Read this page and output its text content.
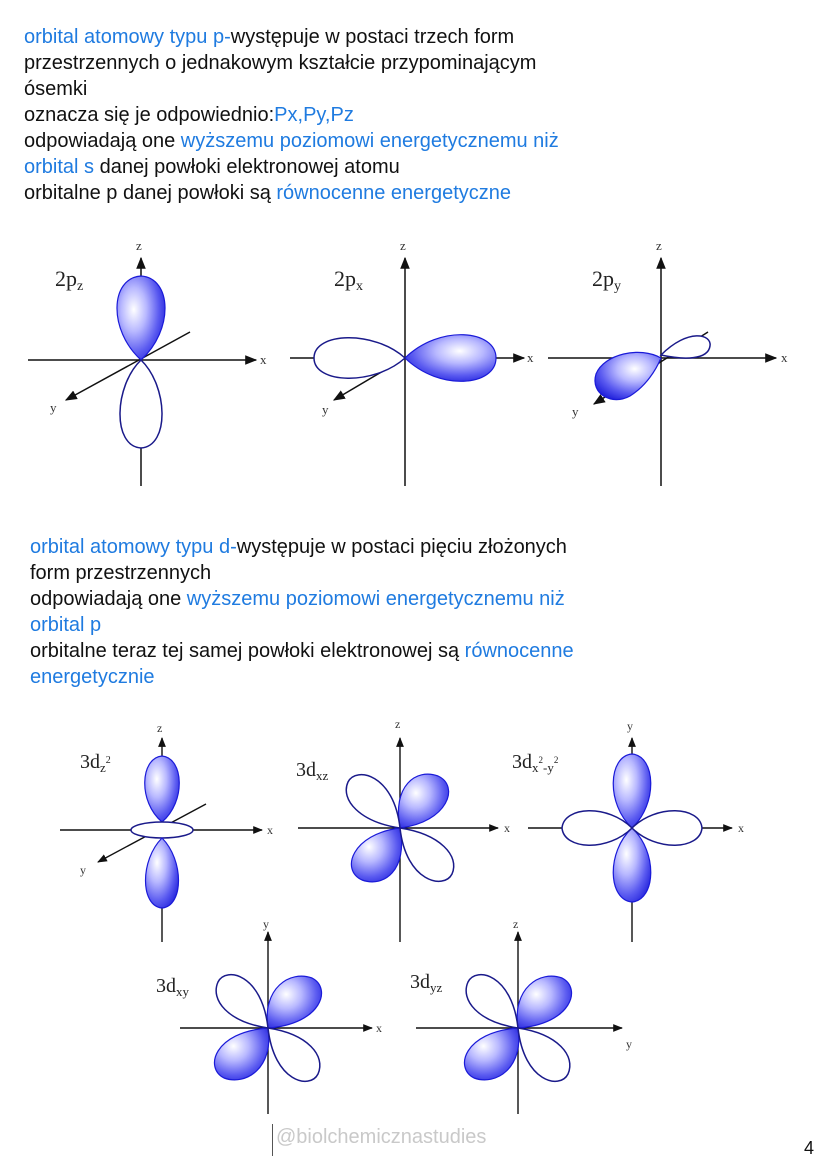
orbital atomowy typu p-występuje w postaci trzech form
przestrzennych o jednakowym kształcie przypominającym
ósemki
oznacza się je odpowiednio:Px,Py,Pz
odpowiadają one wyższemu poziomowi energetycznemu niż
orbital s danej powłoki elektronowej atomu
orbitalne p danej powłoki są równocenne energetyczne
2pz
z
x
y
2px
z
x
y
2py
z
x
y
orbital atomowy typu d-występuje w postaci pięciu złożonych
form przestrzennych
odpowiadają one wyższemu poziomowi energetycznemu niż
orbital p
orbitalne teraz tej samej powłoki elektronowej są równocenne
energetycznie
$3d_z^2$
z
x
y
$3d_{xz}$
z
x
$3d_x^2_{-y}^2$
y
x
$3d_{xy}$
y
x
$3d_{yz}$
z
y
@biolchemicznastudies	4
